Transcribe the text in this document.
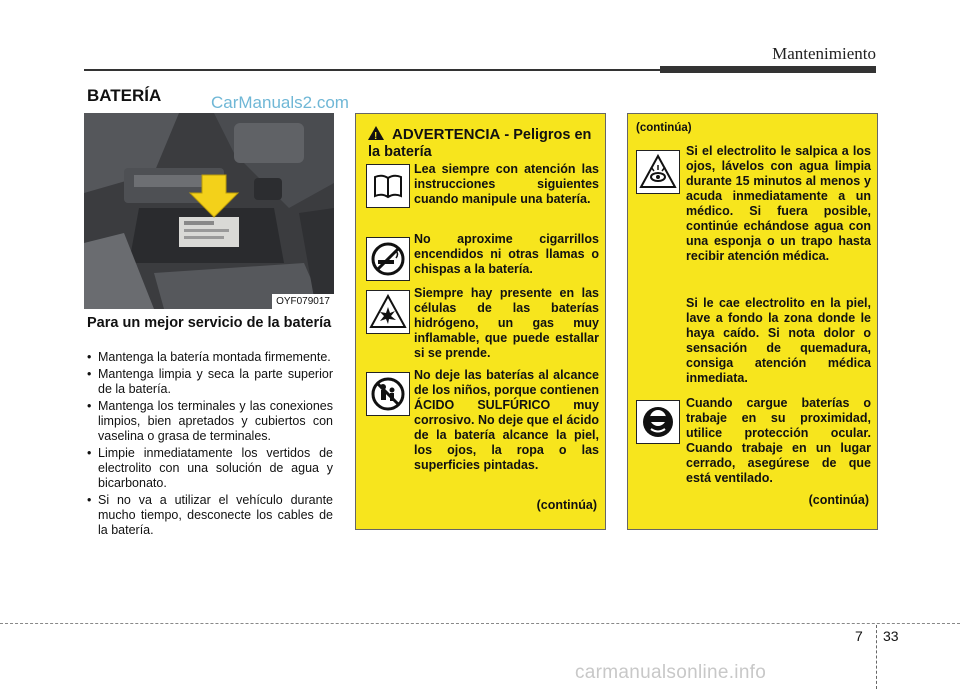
Mantenimiento
BATERÍA	CarManuals2.com
OYF079017
Para un mejor servicio de la batería
• Mantenga la batería montada firmemente.
• Mantenga limpia y seca la parte superior de la batería.
• Mantenga los terminales y las conexiones limpios, bien apretados y cubiertos con vaselina o grasa de terminales.
• Limpie inmediatamente los vertidos de electrolito con una solución de agua y bicarbonato.
• Si no va a utilizar el vehículo durante mucho tiempo, desconecte los cables de la batería.
!ADVERTENCIA - Peligros en la batería
Lea siempre con atención las instrucciones siguientes cuando manipule una batería.
No aproxime cigarrillos encendidos ni otras llamas o chispas a la batería.
Siempre hay presente en las células de las baterías hidrógeno, un gas muy inflamable, que puede estallar si se prende.
No deje las baterías al alcance de los niños, porque contienen ÁCIDO SULFÚRICO muy corrosivo. No deje que el ácido de la batería alcance la piel, los ojos, la ropa o las superficies pintadas.
(continúa)
(continúa)
Si el electrolito le salpica a los ojos, lávelos con agua limpia durante 15 minutos al menos y acuda inmediatamente a un médico. Si fuera posible, continúe echándose agua con una esponja o un trapo hasta recibir atención médica.
Si le cae electrolito en la piel, lave a fondo la zona donde le haya caído. Si nota dolor o sensación de quemadura, consiga atención médica inmediata.
Cuando cargue baterías o trabaje en su proximidad, utilice protección ocular. Cuando trabaje en un lugar cerrado, asegúrese de que está ventilado.
(continúa)
7 33
carmanualsonline.info
